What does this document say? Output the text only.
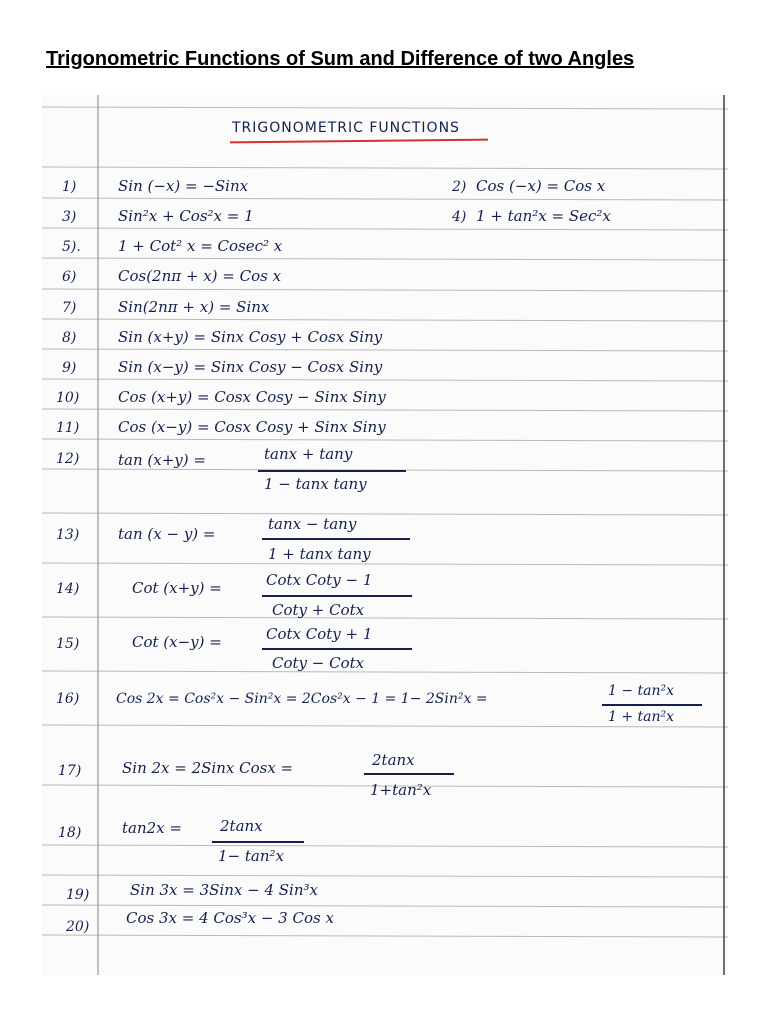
Trigonometric Functions of Sum and Difference of two Angles
TRIGONOMETRIC FUNCTIONS
1)	Sin (−x) = −Sinx	2) Cos (−x) = Cos x
3)	Sin²x + Cos²x = 1	4) 1 + tan²x = Sec²x
5). 1 + Cot² x = Cosec² x
6)	Cos(2nπ + x) = Cos x
7)	Sin(2nπ + x) = Sinx
8)	Sin (x+y) = Sinx Cosy + Cosx Siny
9)	Sin (x−y) = Sinx Cosy − Cosx Siny
10)	Cos (x+y) = Cosx Cosy − Sinx Siny
11)	Cos (x−y) = Cosx Cosy + Sinx Siny
12)	tan (x+y) =	tanx + tany
1 − tanx tany
13)	tan (x − y) =
tanx − tany
1 + tanx tany
14)	Cot (x+y) =	Cotx Coty − 1
Coty + Cotx
15)	Cot (x−y) =	Cotx Coty + 1
Coty − Cotx
16)	Cos 2x = Cos²x − Sin²x = 2Cos²x − 1 = 1− 2Sin²x =	1 − tan²x
1 + tan²x
17)	Sin 2x = 2Sinx Cosx =	2tanx
1+tan²x
18)	tan2x =	2tanx
1− tan²x
19)	Sin 3x = 3Sinx − 4 Sin³x
20) Cos 3x = 4 Cos³x − 3 Cos x
